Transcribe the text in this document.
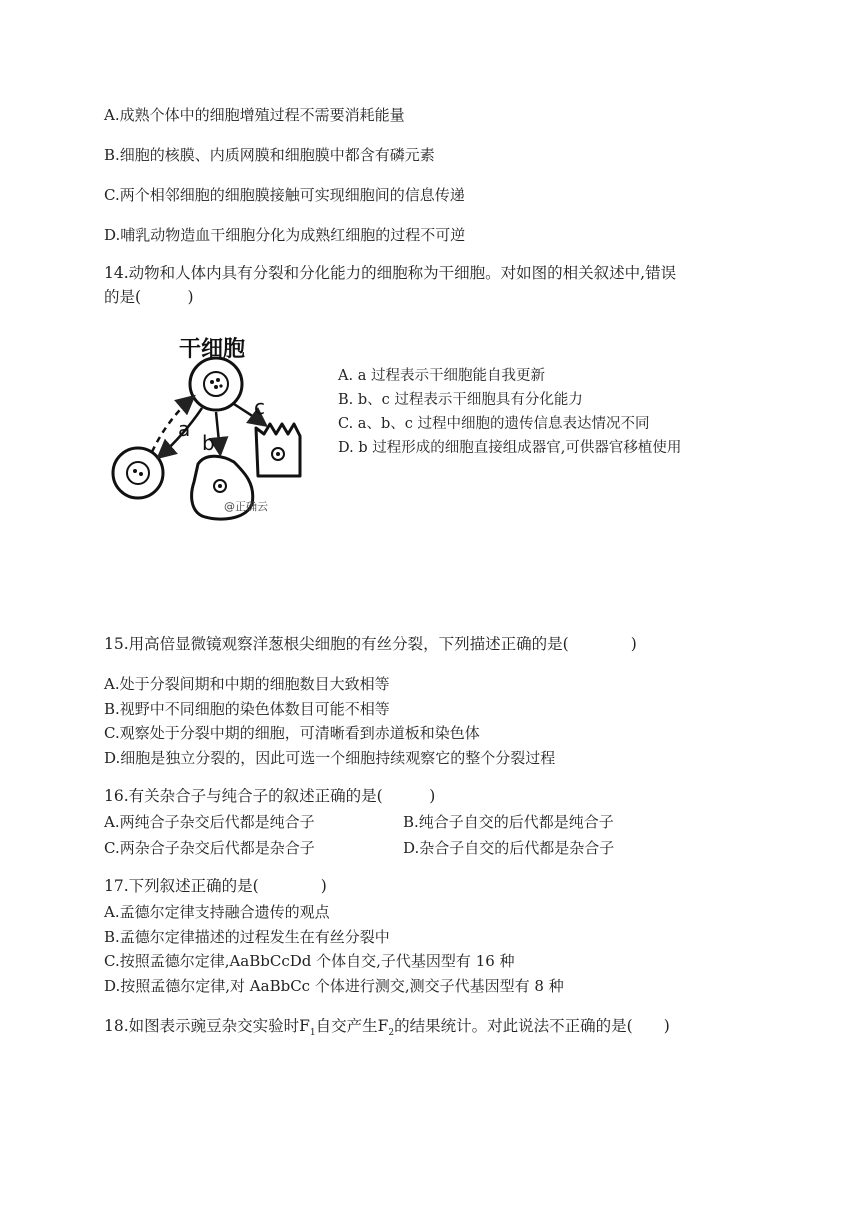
A.成熟个体中的细胞增殖过程不需要消耗能量
B.细胞的核膜、内质网膜和细胞膜中都含有磷元素
C.两个相邻细胞的细胞膜接触可实现细胞间的信息传递
D.哺乳动物造血干细胞分化为成熟红细胞的过程不可逆
14.动物和人体内具有分裂和分化能力的细胞称为干细胞。对如图的相关叙述中,错误
的是(　　　)
干细胞
a
b
c
@正确云
A. a 过程表示干细胞能自我更新
B. b、c 过程表示干细胞具有分化能力
C. a、b、c 过程中细胞的遗传信息表达情况不同
D. b 过程形成的细胞直接组成器官,可供器官移植使用
15.用高倍显微镜观察洋葱根尖细胞的有丝分裂，下列描述正确的是(　　　　)
A.处于分裂间期和中期的细胞数目大致相等
B.视野中不同细胞的染色体数目可能不相等
C.观察处于分裂中期的细胞，可清晰看到赤道板和染色体
D.细胞是独立分裂的，因此可选一个细胞持续观察它的整个分裂过程
16.有关杂合子与纯合子的叙述正确的是(　　　)
A.两纯合子杂交后代都是纯合子	B.纯合子自交的后代都是纯合子
C.两杂合子杂交后代都是杂合子	D.杂合子自交的后代都是杂合子
17.下列叙述正确的是(　　　　)
A.孟德尔定律支持融合遗传的观点
B.孟德尔定律描述的过程发生在有丝分裂中
C.按照孟德尔定律,AaBbCcDd 个体自交,子代基因型有 16 种
D.按照孟德尔定律,对 AaBbCc 个体进行测交,测交子代基因型有 8 种
18.如图表示豌豆杂交实验时$F_1$自交产生$F_2$的结果统计。对此说法不正确的是(　　)
